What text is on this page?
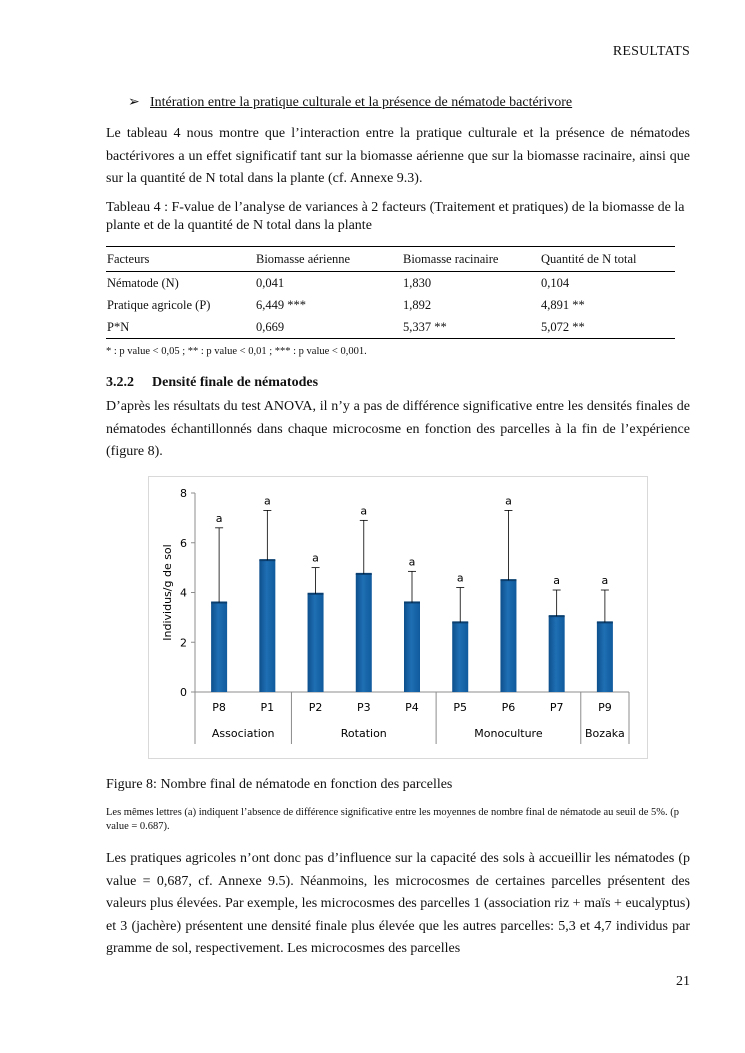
RESULTATS
➢ Intération entre la pratique culturale et la présence de nématode bactérivore
Le tableau 4 nous montre que l’interaction entre la pratique culturale et la présence de nématodes bactérivores a un effet significatif tant sur la biomasse aérienne que sur la biomasse racinaire, ainsi que sur la quantité de N total dans la plante (cf. Annexe 9.3).
Tableau 4 : F-value de l’analyse de variances à 2 facteurs (Traitement et pratiques) de la biomasse de la plante et de la quantité de N total dans la plante
Facteurs	Biomasse aérienne	Biomasse racinaire	Quantité de N total
Nématode (N)	0,041	1,830	0,104
Pratique agricole (P)	6,449 ***	1,892	4,891 **
P*N	0,669	5,337 **	5,072 **
* : p value < 0,05 ; ** : p value < 0,01 ; *** : p value < 0,001.
3.2.2 Densité finale de nématodes
D’après les résultats du test ANOVA, il n’y a pas de différence significative entre les densités finales de nématodes échantillonnés dans chaque microcosme en fonction des parcelles à la fin de l’expérience (figure 8).
0
2
4
6
8
Individus/g de sol
a
P8
a
P1
a
P2
a
P3
a
P4
a
P5
a
P6
a
P7
a
P9
Association	Rotation	Monoculture	Bozaka
Figure 8: Nombre final de nématode en fonction des parcelles
Les mêmes lettres (a) indiquent l’absence de différence significative entre les moyennes de nombre final de nématode au seuil de 5%. (p value = 0.687).
Les pratiques agricoles n’ont donc pas d’influence sur la capacité des sols à accueillir les nématodes (p value = 0,687, cf. Annexe 9.5). Néanmoins, les microcosmes de certaines parcelles présentent des valeurs plus élevées. Par exemple, les microcosmes des parcelles 1 (association riz + maïs + eucalyptus) et 3 (jachère) présentent une densité finale plus élevée que les autres parcelles: 5,3 et 4,7 individus par gramme de sol, respectivement. Les microcosmes des parcelles
21
